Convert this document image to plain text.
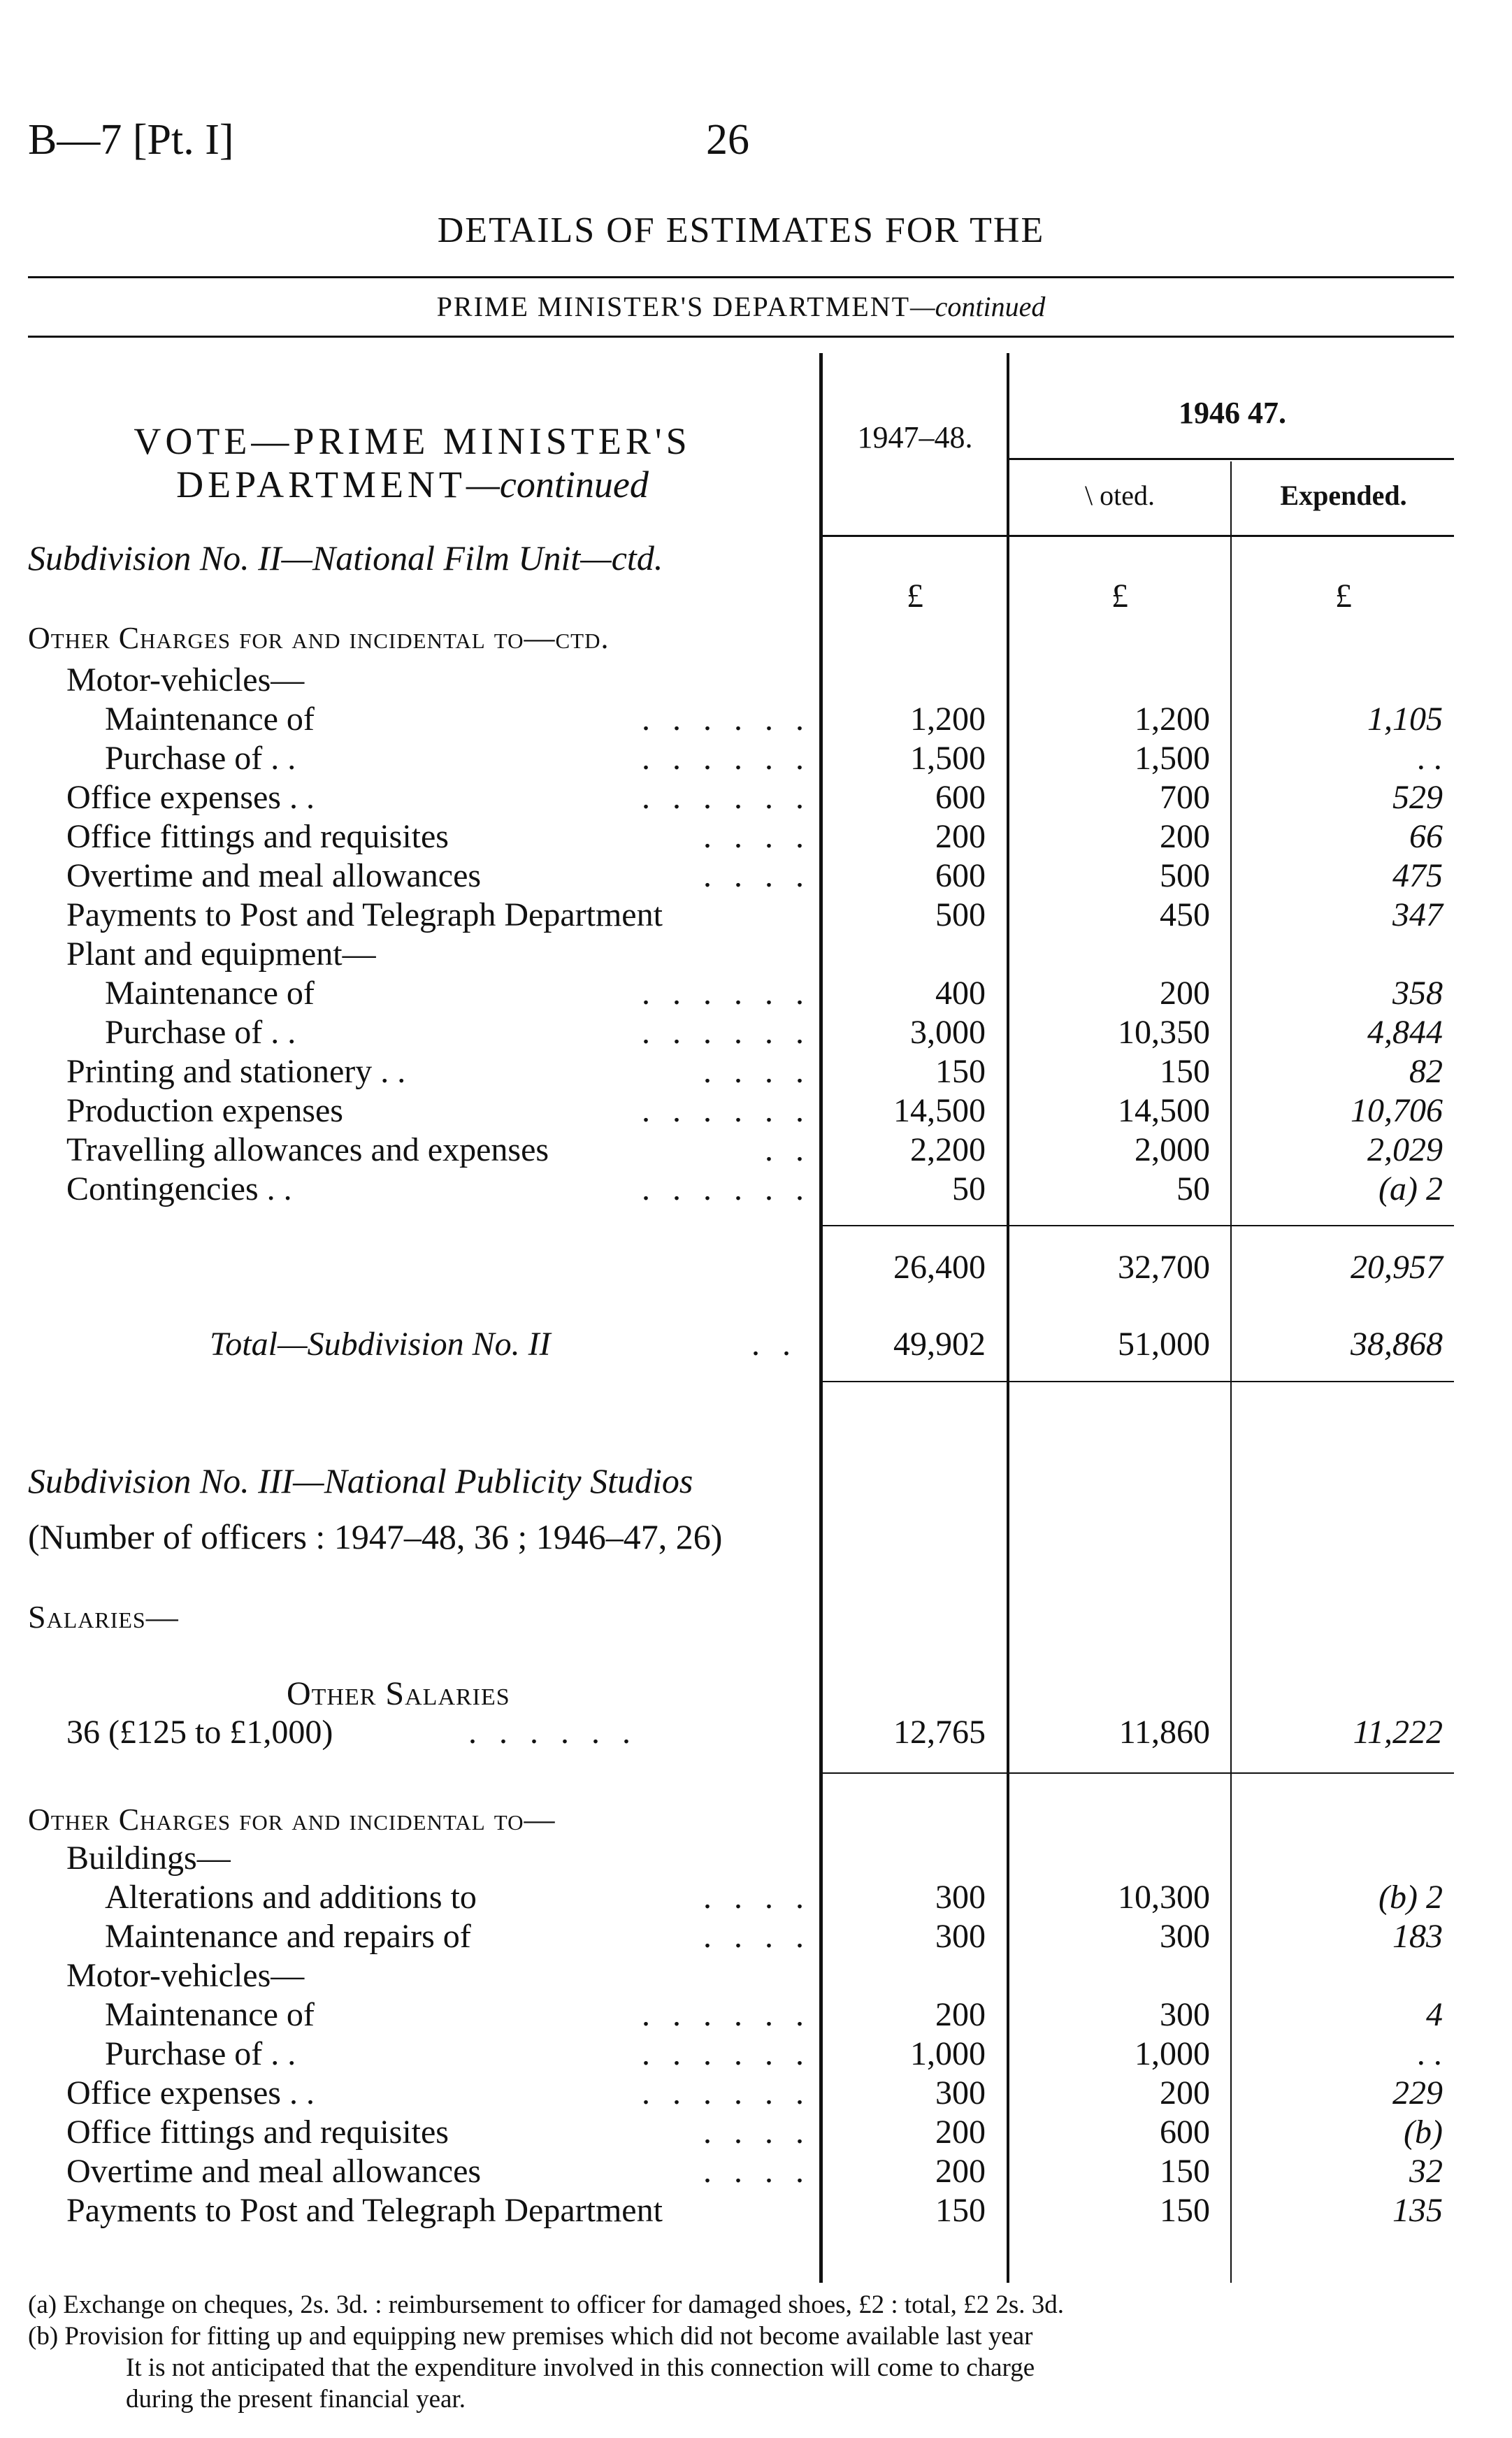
B—7 [Pt. I]	26
DETAILS OF ESTIMATES FOR THE
PRIME MINISTER'S DEPARTMENT—continued
VOTE—PRIME MINISTER'S
DEPARTMENT—continued
1947–48.
1946 47.
\ oted.	Expended.
£	£	£
Subdivision No. II—National Film Unit—ctd.
Other Charges for and incidental to—ctd.
Motor-vehicles—
Maintenance of	. . . . . .	1,200	1,200	1,105
Purchase of . .	. . . . . .	1,500	1,500	. .
Office expenses . .	. . . . . .	600	700	529
Office fittings and requisites	. . . .	200	200	66
Overtime and meal allowances	. . . .	600	500	475
Payments to Post and Telegraph Department	500	450	347
Plant and equipment—
Maintenance of	. . . . . .	400	200	358
Purchase of . .	. . . . . .	3,000	10,350	4,844
Printing and stationery . .	. . . .	150	150	82
Production expenses	. . . . . .	14,500	14,500	10,706
Travelling allowances and expenses	. .	2,200	2,000	2,029
Contingencies . .	. . . . . .	50	50	(a) 2
26,400	32,700	20,957
Total—Subdivision No. II	. .	49,902	51,000	38,868
Subdivision No. III—National Publicity Studios
(Number of officers : 1947–48, 36 ; 1946–47, 26)
Salaries—
Other Salaries
36 (£125 to £1,000)	. . . . . .	12,765	11,860	11,222
Other Charges for and incidental to—
Buildings—
Alterations and additions to	. . . .	300	10,300	(b) 2
Maintenance and repairs of	. . . .	300	300	183
Motor-vehicles—
Maintenance of	. . . . . .	200	300	4
Purchase of . .	. . . . . .	1,000	1,000	. .
Office expenses . .	. . . . . .	300	200	229
Office fittings and requisites	. . . .	200	600	(b)
Overtime and meal allowances	. . . .	200	150	32
Payments to Post and Telegraph Department	150	150	135
(a) Exchange on cheques, 2s. 3d. : reimbursement to officer for damaged shoes, £2 : total, £2 2s. 3d.
(b) Provision for fitting up and equipping new premises which did not become available last year
It is not anticipated that the expenditure involved in this connection will come to charge
during the present financial year.
